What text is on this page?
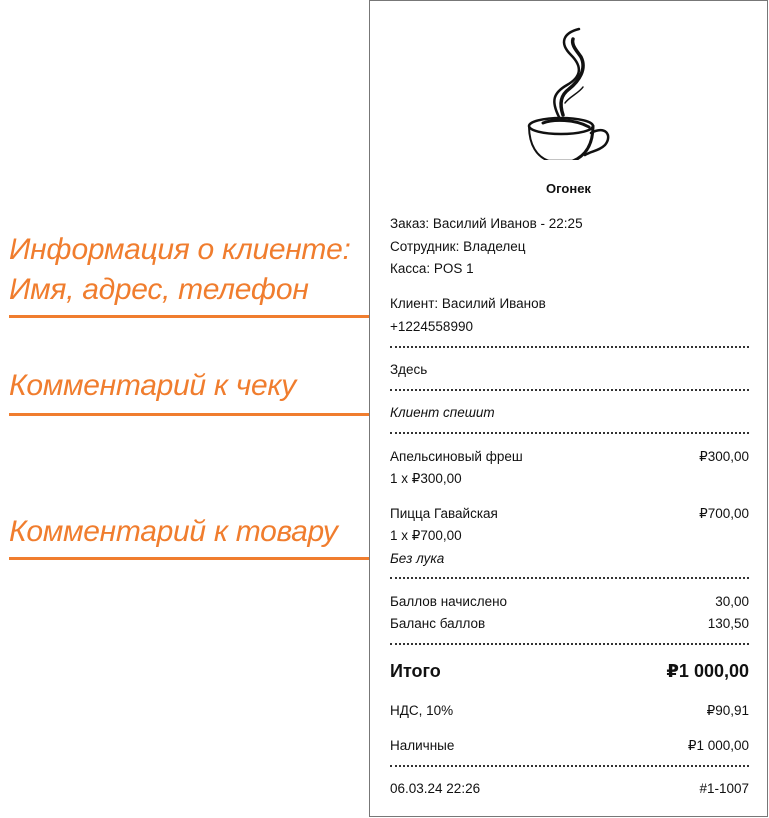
Информация о клиенте:
Имя, адрес, телефон
Комментарий к чеку
Комментарий к товару
Огонек
Заказ: Василий Иванов - 22:25
Сотрудник: Владелец
Касса: POS 1
Клиент: Василий Иванов
+1224558990
Здесь
Клиент спешит
Апельсиновый фреш	₽300,00
1 x ₽300,00
Пицца Гавайская	₽700,00
1 x ₽700,00
Без лука
Баллов начислено	30,00
Баланс баллов	130,50
Итого	₽1 000,00
НДС, 10%	₽90,91
Наличные	₽1 000,00
06.03.24 22:26	#1-1007
